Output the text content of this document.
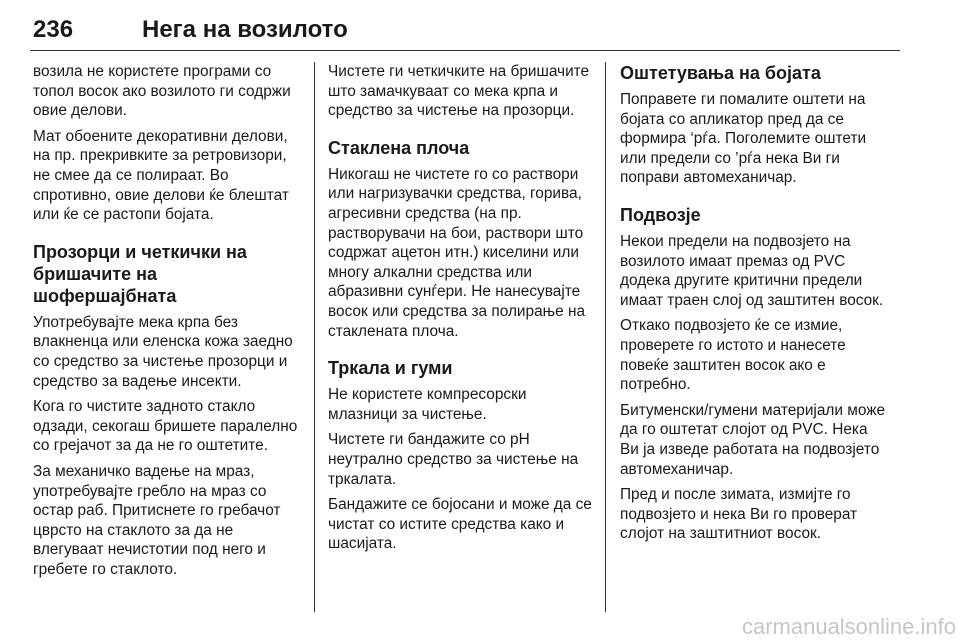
236	Нега на возилото

возила не користете програми со топол восок ако возилото ги содржи овие делови.

Мат обоените декоративни делови, на пр. прекривките за ретровизори, не смее да се полираат. Во спротивно, овие делови ќе блештат или ќе се растопи бојата.

Прозорци и четкички на бришачите на шофершајбната

Употребувајте мека крпа без влакненца или еленска кожа заедно со средство за чистење прозорци и средство за вадење инсекти.

Кога го чистите задното стакло одзади, секогаш бришете паралелно со грејачот за да не го оштетите.

За механичко вадење на мраз, употребувајте гребло на мраз со остар раб. Притиснете го гребачот цврсто на стаклото за да не влегуваат нечистотии под него и гребете го стаклото.

Чистете ги четкичките на бришачите што замачкуваат со мека крпа и средство за чистење на прозорци.

Стаклена плоча

Никогаш не чистете го со раствори или нагризувачки средства, горива, агресивни средства (на пр. растворувачи на бои, раствори што содржат ацетон итн.) киселини или многу алкални средства или абразивни сунѓери. Не нанесувајте восок или средства за полирање на стаклената плоча.

Тркала и гуми

Не користете компресорски млазници за чистење.

Чистете ги бандажите со pH неутрално средство за чистење на тркалата.

Бандажите се бојосани и може да се чистат со истите средства како и шасијата.

Оштетувања на бојата

Поправете ги помалите оштети на бојата со апликатор пред да се формира ‘рѓа. Поголемите оштети или предели со ’рѓа нека Ви ги поправи автомеханичар.

Подвозје

Некои предели на подвозјето на возилото имаат премаз од PVC додека другите критични предели имаат траен слој од заштитен восок.

Откако подвозјето ќе се измие, проверете го истото и нанесете повеќе заштитен восок ако е потребно.

Битуменски/гумени материјали може да го оштетат слојот од PVC. Нека Ви ја изведе работата на подвозјето автомеханичар.

Пред и после зимата, измијте го подвозјето и нека Ви го проверат слојот на заштитниот восок.

carmanualsonline.info
